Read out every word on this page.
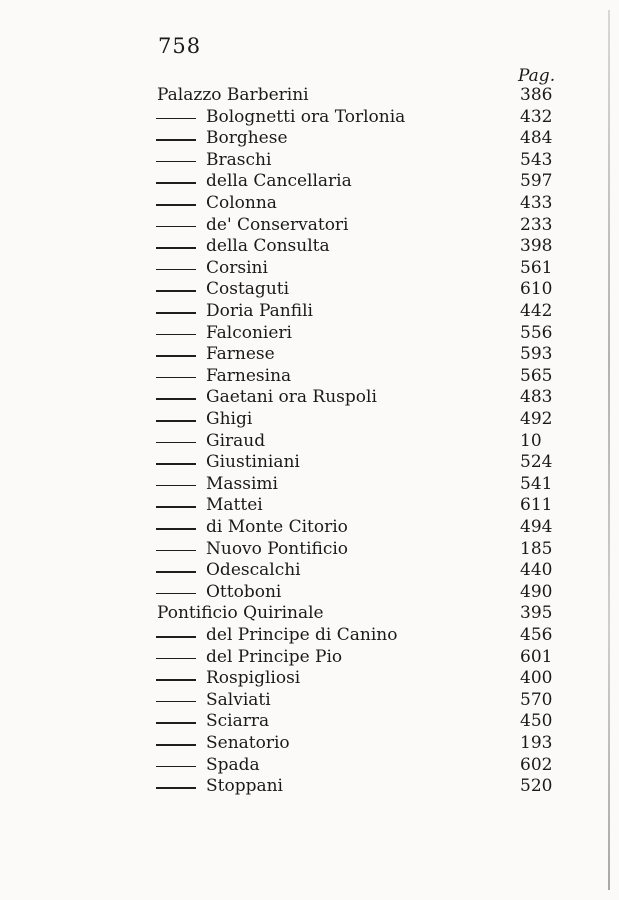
758
Pag.
Palazzo Barberini	386
Bolognetti ora Torlonia	432
Borghese	484
Braschi	543
della Cancellaria	597
Colonna	433
de' Conservatori	233
della Consulta	398
Corsini	561
Costaguti	610
Doria Panfili	442
Falconieri	556
Farnese	593
Farnesina	565
Gaetani ora Ruspoli	483
Ghigi	492
Giraud	10
Giustiniani	524
Massimi	541
Mattei	611
di Monte Citorio	494
Nuovo Pontificio	185
Odescalchi	440
Ottoboni	490
Pontificio Quirinale	395
del Principe di Canino	456
del Principe Pio	601
Rospigliosi	400
Salviati	570
Sciarra	450
Senatorio	193
Spada	602
Stoppani	520
